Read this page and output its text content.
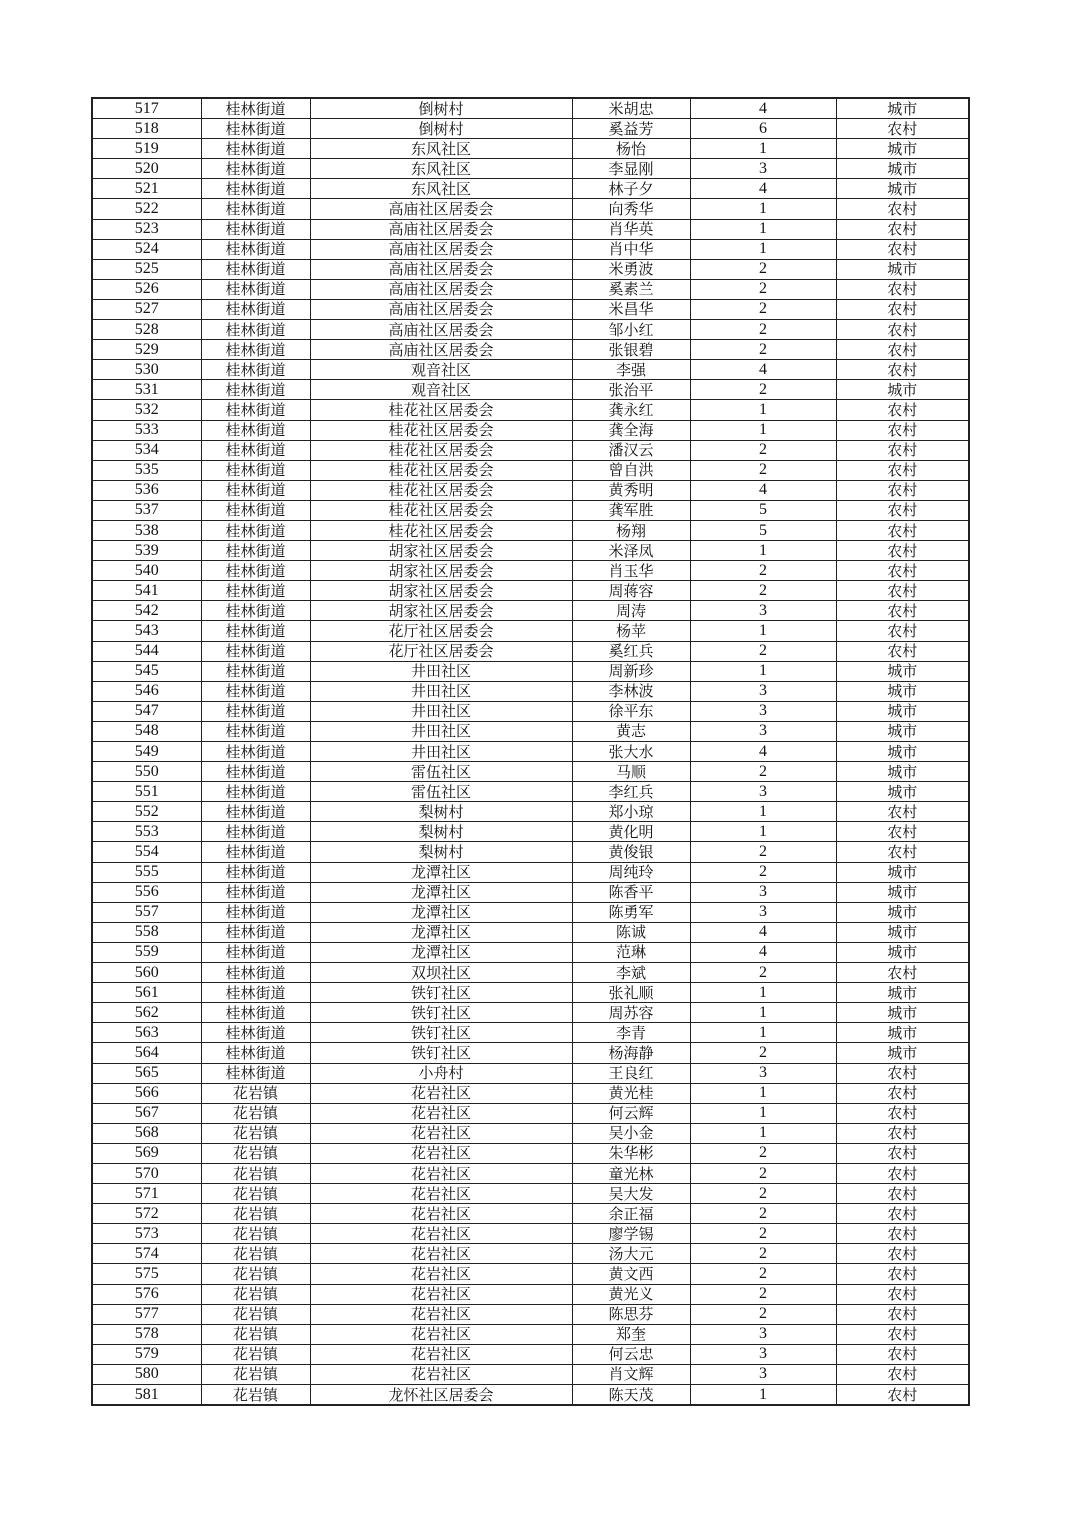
517	桂林街道	倒树村	米胡忠	4	城市
518	桂林街道	倒树村	奚益芳	6	农村
519	桂林街道	东风社区	杨怡	1	城市
520	桂林街道	东风社区	李显刚	3	城市
521	桂林街道	东风社区	林子夕	4	城市
522	桂林街道	高庙社区居委会	向秀华	1	农村
523	桂林街道	高庙社区居委会	肖华英	1	农村
524	桂林街道	高庙社区居委会	肖中华	1	农村
525	桂林街道	高庙社区居委会	米勇波	2	城市
526	桂林街道	高庙社区居委会	奚素兰	2	农村
527	桂林街道	高庙社区居委会	米昌华	2	农村
528	桂林街道	高庙社区居委会	邹小红	2	农村
529	桂林街道	高庙社区居委会	张银碧	2	农村
530	桂林街道	观音社区	李强	4	农村
531	桂林街道	观音社区	张治平	2	城市
532	桂林街道	桂花社区居委会	龚永红	1	农村
533	桂林街道	桂花社区居委会	龚全海	1	农村
534	桂林街道	桂花社区居委会	潘汉云	2	农村
535	桂林街道	桂花社区居委会	曾自洪	2	农村
536	桂林街道	桂花社区居委会	黄秀明	4	农村
537	桂林街道	桂花社区居委会	龚军胜	5	农村
538	桂林街道	桂花社区居委会	杨翔	5	农村
539	桂林街道	胡家社区居委会	米泽凤	1	农村
540	桂林街道	胡家社区居委会	肖玉华	2	农村
541	桂林街道	胡家社区居委会	周蒋容	2	农村
542	桂林街道	胡家社区居委会	周涛	3	农村
543	桂林街道	花厅社区居委会	杨苹	1	农村
544	桂林街道	花厅社区居委会	奚红兵	2	农村
545	桂林街道	井田社区	周新珍	1	城市
546	桂林街道	井田社区	李林波	3	城市
547	桂林街道	井田社区	徐平东	3	城市
548	桂林街道	井田社区	黄志	3	城市
549	桂林街道	井田社区	张大水	4	城市
550	桂林街道	雷伍社区	马顺	2	城市
551	桂林街道	雷伍社区	李红兵	3	城市
552	桂林街道	梨树村	郑小琼	1	农村
553	桂林街道	梨树村	黄化明	1	农村
554	桂林街道	梨树村	黄俊银	2	农村
555	桂林街道	龙潭社区	周纯玲	2	城市
556	桂林街道	龙潭社区	陈香平	3	城市
557	桂林街道	龙潭社区	陈勇军	3	城市
558	桂林街道	龙潭社区	陈诚	4	城市
559	桂林街道	龙潭社区	范琳	4	城市
560	桂林街道	双坝社区	李斌	2	农村
561	桂林街道	铁钉社区	张礼顺	1	城市
562	桂林街道	铁钉社区	周苏容	1	城市
563	桂林街道	铁钉社区	李青	1	城市
564	桂林街道	铁钉社区	杨海静	2	城市
565	桂林街道	小舟村	王良红	3	农村
566	花岩镇	花岩社区	黄光桂	1	农村
567	花岩镇	花岩社区	何云辉	1	农村
568	花岩镇	花岩社区	吴小金	1	农村
569	花岩镇	花岩社区	朱华彬	2	农村
570	花岩镇	花岩社区	童光林	2	农村
571	花岩镇	花岩社区	吴大发	2	农村
572	花岩镇	花岩社区	余正福	2	农村
573	花岩镇	花岩社区	廖学锡	2	农村
574	花岩镇	花岩社区	汤大元	2	农村
575	花岩镇	花岩社区	黄文西	2	农村
576	花岩镇	花岩社区	黄光义	2	农村
577	花岩镇	花岩社区	陈思芬	2	农村
578	花岩镇	花岩社区	郑奎	3	农村
579	花岩镇	花岩社区	何云忠	3	农村
580	花岩镇	花岩社区	肖文辉	3	农村
581	花岩镇	龙怀社区居委会	陈天茂	1	农村
